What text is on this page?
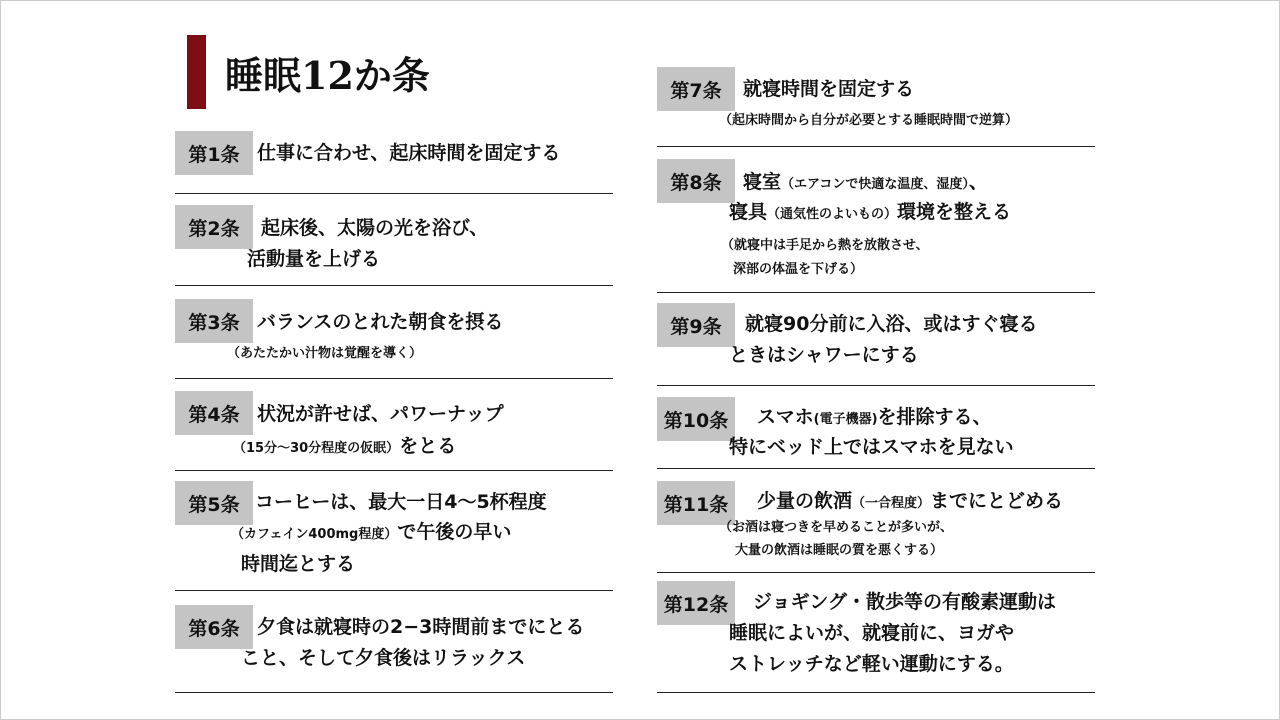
睡眠12か条
第1条 仕事に合わせ、起床時間を固定する
第2条	起床後、太陽の光を浴び、
活動量を上げる
第3条 バランスのとれた朝食を摂る
（あたたかい汁物は覚醒を導く）
第4条 状況が許せば、パワーナップ
（15分～30分程度の仮眠）をとる
第5条 コーヒーは、最大一日4～5杯程度
（カフェイン400mg程度）で午後の早い
時間迄とする
第6条 夕食は就寝時の2−3時間前までにとる
こと、そして夕食後はリラックス
第7条	就寝時間を固定する
（起床時間から自分が必要とする睡眠時間で逆算）
第8条	寝室（エアコンで快適な温度、湿度）、
寝具（通気性のよいもの）環境を整える
（就寝中は手足から熱を放散させ、
深部の体温を下げる）
第9条	就寝90分前に入浴、或はすぐ寝る
ときはシャワーにする
第10条	スマホ(電子機器)を排除する、
特にベッド上ではスマホを見ない
第11条	少量の飲酒（一合程度）までにとどめる
（お酒は寝つきを早めることが多いが、
大量の飲酒は睡眠の質を悪くする）
第12条	ジョギング・散歩等の有酸素運動は
睡眠によいが、就寝前に、ヨガや
ストレッチなど軽い運動にする。
